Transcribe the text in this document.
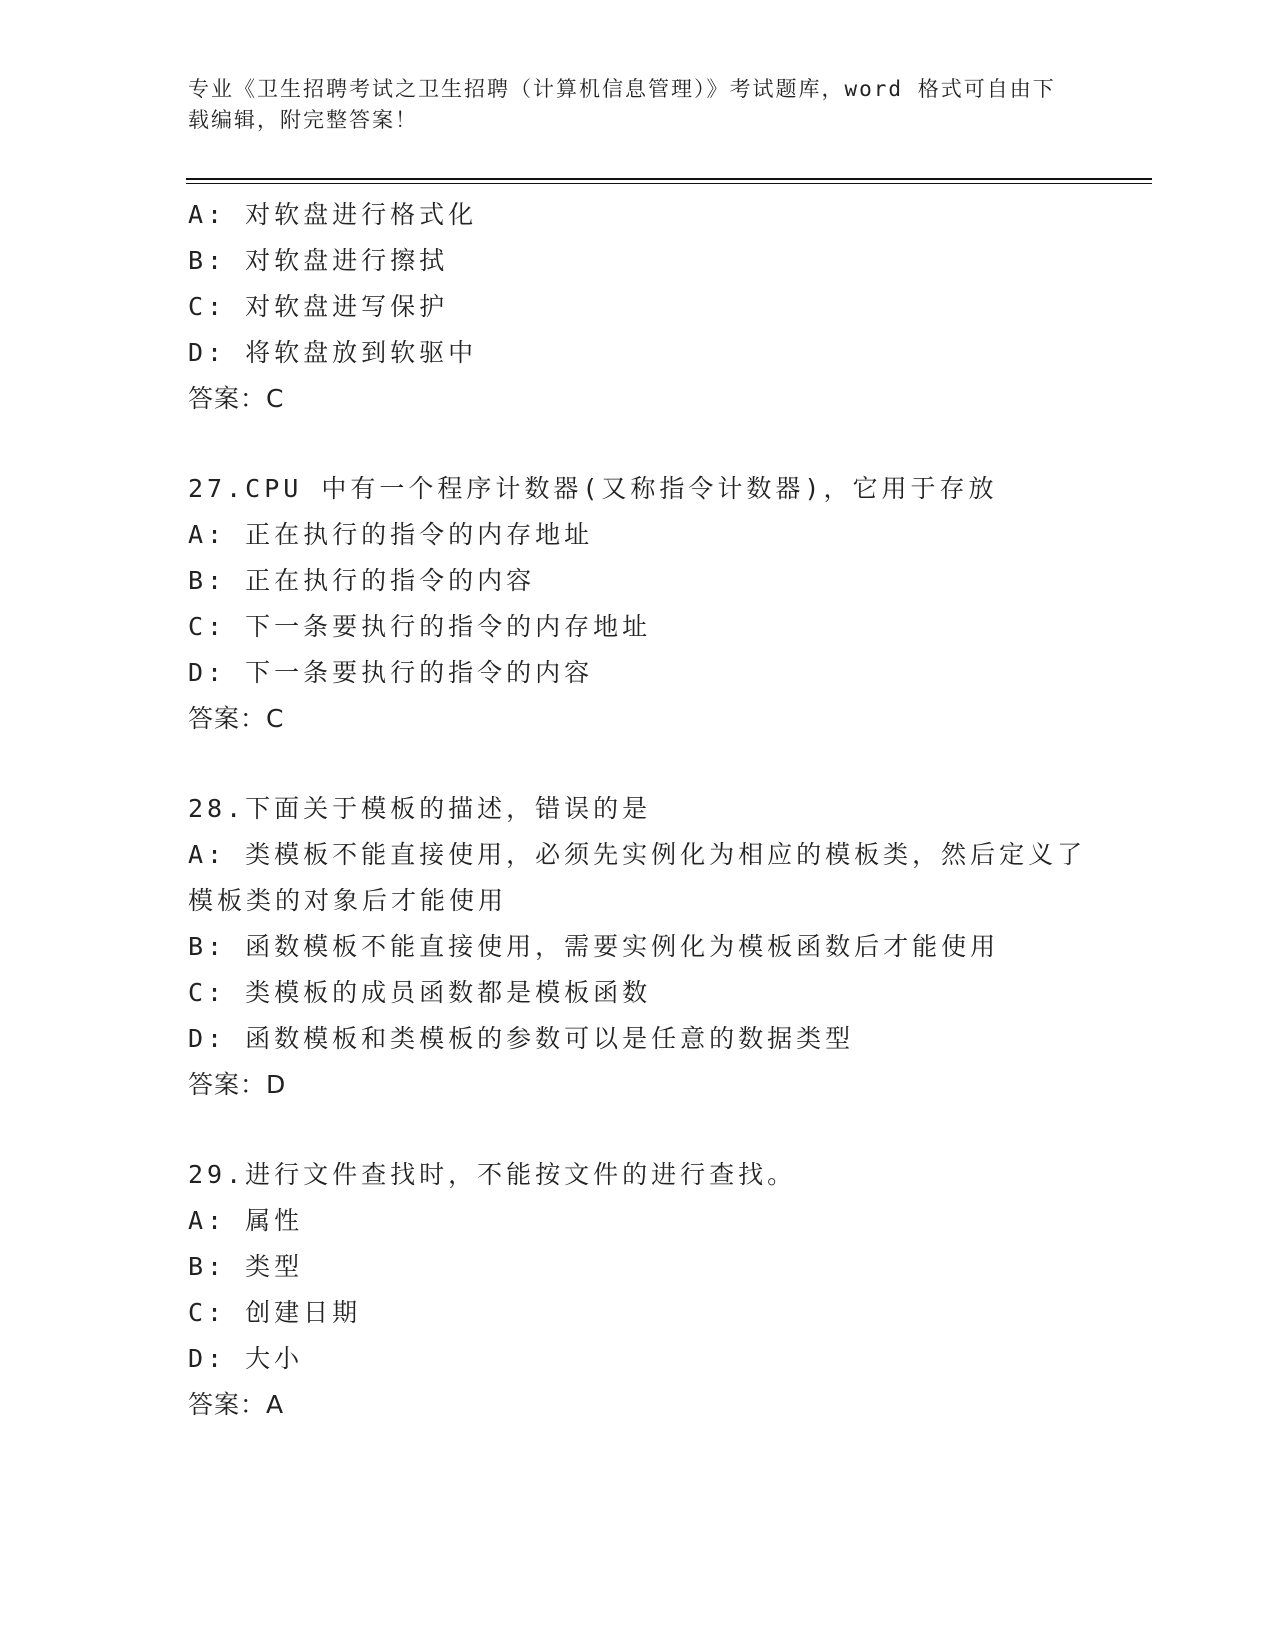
专业《卫生招聘考试之卫生招聘（计算机信息管理）》考试题库，word 格式可自由下载编辑，附完整答案！
A: 对软盘进行格式化
B: 对软盘进行擦拭
C: 对软盘进写保护
D: 将软盘放到软驱中
答案：C
27.CPU 中有一个程序计数器(又称指令计数器)，它用于存放
A: 正在执行的指令的内存地址
B: 正在执行的指令的内容
C: 下一条要执行的指令的内存地址
D: 下一条要执行的指令的内容
答案：C
28.下面关于模板的描述，错误的是
A: 类模板不能直接使用，必须先实例化为相应的模板类，然后定义了模板类的对象后才能使用
B: 函数模板不能直接使用，需要实例化为模板函数后才能使用
C: 类模板的成员函数都是模板函数
D: 函数模板和类模板的参数可以是任意的数据类型
答案：D
29.进行文件查找时，不能按文件的进行查找。
A: 属性
B: 类型
C: 创建日期
D: 大小
答案：A
